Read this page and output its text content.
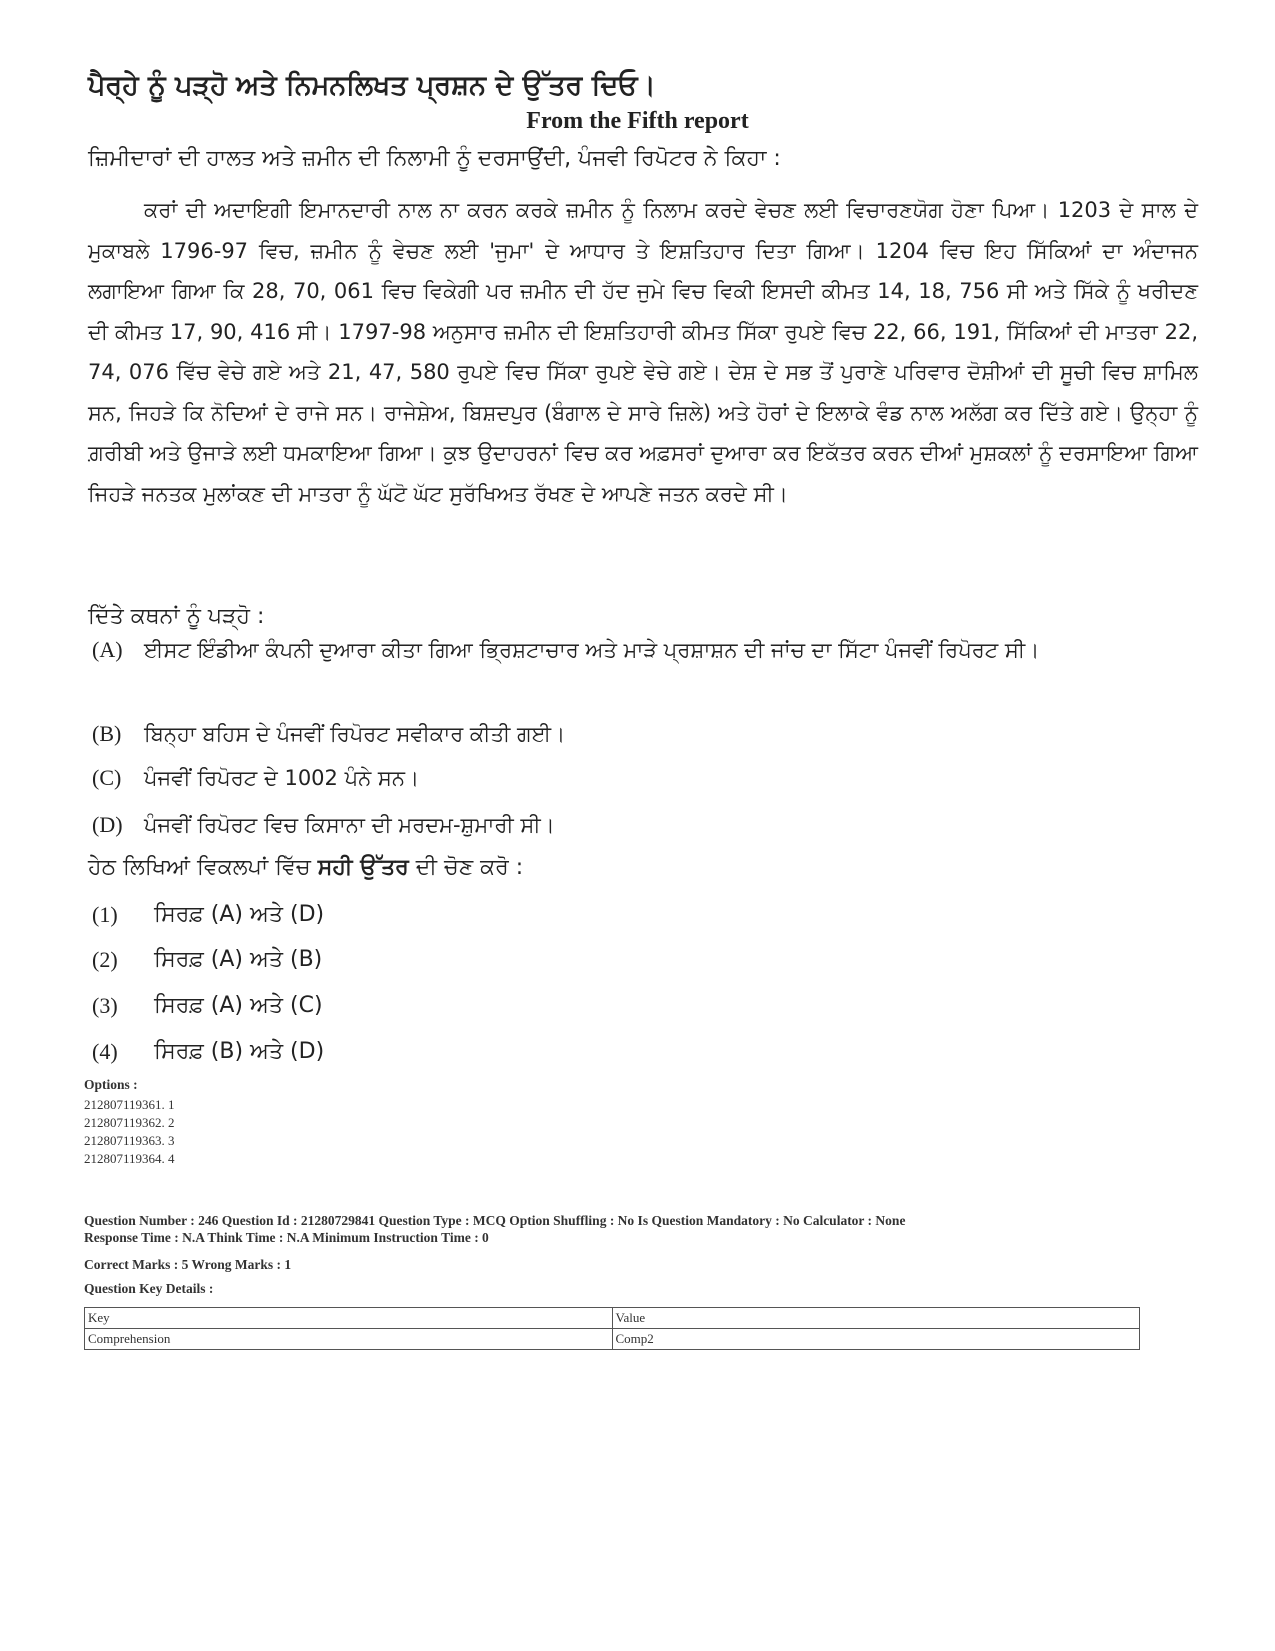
ਪੈਰ੍ਹੇ ਨੂੰ ਪੜ੍ਹੋ ਅਤੇ ਨਿਮਨਲਿਖਤ ਪ੍ਰਸ਼ਨ ਦੇ ਉੱਤਰ ਦਿਓ।
From the Fifth report
ਜ਼ਿਮੀਦਾਰਾਂ ਦੀ ਹਾਲਤ ਅਤੇ ਜ਼ਮੀਨ ਦੀ ਨਿਲਾਮੀ ਨੂੰ ਦਰਸਾਉਂਦੀ, ਪੰਜਵੀ ਰਿਪੋਟਰ ਨੇ ਕਿਹਾ :

ਕਰਾਂ ਦੀ ਅਦਾਇਗੀ ਇਮਾਨਦਾਰੀ ਨਾਲ ਨਾ ਕਰਨ ਕਰਕੇ ਜ਼ਮੀਨ ਨੂੰ ਨਿਲਾਮ ਕਰਦੇ ਵੇਚਣ ਲਈ ਵਿਚਾਰਣਯੋਗ ਹੋਣਾ ਪਿਆ। 1203 ਦੇ ਸਾਲ ਦੇ ਮੁਕਾਬਲੇ 1796-97 ਵਿਚ, ਜ਼ਮੀਨ ਨੂੰ ਵੇਚਣ ਲਈ 'ਜੁਮਾ' ਦੇ ਆਧਾਰ ਤੇ ਇਸ਼ਤਿਹਾਰ ਦਿਤਾ ਗਿਆ। 1204 ਵਿਚ ਇਹ ਸਿੱਕਿਆਂ ਦਾ ਅੰਦਾਜਨ ਲਗਾਇਆ ਗਿਆ ਕਿ 28, 70, 061 ਵਿਚ ਵਿਕੇਗੀ ਪਰ ਜ਼ਮੀਨ ਦੀ ਹੱਦ ਜੁਮੇ ਵਿਚ ਵਿਕੀ ਇਸਦੀ ਕੀਮਤ 14, 18, 756 ਸੀ ਅਤੇ ਸਿੱਕੇ ਨੂੰ ਖਰੀਦਣ ਦੀ ਕੀਮਤ 17, 90, 416 ਸੀ। 1797-98 ਅਨੁਸਾਰ ਜ਼ਮੀਨ ਦੀ ਇਸ਼ਤਿਹਾਰੀ ਕੀਮਤ ਸਿੱਕਾ ਰੁਪਏ ਵਿਚ 22, 66, 191, ਸਿੱਕਿਆਂ ਦੀ ਮਾਤਰਾ 22, 74, 076 ਵਿੱਚ ਵੇਚੇ ਗਏ ਅਤੇ 21, 47, 580 ਰੁਪਏ ਵਿਚ ਸਿੱਕਾ ਰੁਪਏ ਵੇਚੇ ਗਏ। ਦੇਸ਼ ਦੇ ਸਭ ਤੋਂ ਪੁਰਾਣੇ ਪਰਿਵਾਰ ਦੋਸ਼ੀਆਂ ਦੀ ਸੂਚੀ ਵਿਚ ਸ਼ਾਮਿਲ ਸਨ, ਜਿਹੜੇ ਕਿ ਨੋਦਿਆਂ ਦੇ ਰਾਜੇ ਸਨ। ਰਾਜੇਸ਼ੇਅ, ਬਿਸ਼ਦਪੁਰ (ਬੰਗਾਲ ਦੇ ਸਾਰੇ ਜ਼ਿਲੇ) ਅਤੇ ਹੋਰਾਂ ਦੇ ਇਲਾਕੇ ਵੰਡ ਨਾਲ ਅਲੱਗ ਕਰ ਦਿੱਤੇ ਗਏ। ਉਨ੍ਹਾ ਨੂੰ ਗ਼ਰੀਬੀ ਅਤੇ ਉਜਾੜੇ ਲਈ ਧਮਕਾਇਆ ਗਿਆ। ਕੁਝ ਉਦਾਹਰਨਾਂ ਵਿਚ ਕਰ ਅਫ਼ਸਰਾਂ ਦੁਆਰਾ ਕਰ ਇਕੱਤਰ ਕਰਨ ਦੀਆਂ ਮੁਸ਼ਕਲਾਂ ਨੂੰ ਦਰਸਾਇਆ ਗਿਆ ਜਿਹੜੇ ਜਨਤਕ ਮੁਲਾਂਕਣ ਦੀ ਮਾਤਰਾ ਨੂੰ ਘੱਟੋ ਘੱਟ ਸੁਰੱਖਿਅਤ ਰੱਖਣ ਦੇ ਆਪਣੇ ਜਤਨ ਕਰਦੇ ਸੀ।

ਦਿੱਤੇ ਕਥਨਾਂ ਨੂੰ ਪੜ੍ਹੋ :
(A)	ਈਸਟ ਇੰਡੀਆ ਕੰਪਨੀ ਦੁਆਰਾ ਕੀਤਾ ਗਿਆ ਭ੍ਰਿਸ਼ਟਾਚਾਰ ਅਤੇ ਮਾੜੇ ਪ੍ਰਸ਼ਾਸ਼ਨ ਦੀ ਜਾਂਚ ਦਾ ਸਿੱਟਾ ਪੰਜਵੀਂ ਰਿਪੋਰਟ ਸੀ।
(B)	ਬਿਨ੍ਹਾ ਬਹਿਸ ਦੇ ਪੰਜਵੀਂ ਰਿਪੋਰਟ ਸਵੀਕਾਰ ਕੀਤੀ ਗਈ।
(C)	ਪੰਜਵੀਂ ਰਿਪੋਰਟ ਦੇ 1002 ਪੰਨੇ ਸਨ।
(D)	ਪੰਜਵੀਂ ਰਿਪੋਰਟ ਵਿਚ ਕਿਸਾਨਾ ਦੀ ਮਰਦਮ-ਸ਼ੁਮਾਰੀ ਸੀ।
ਹੇਠ ਲਿਖਿਆਂ ਵਿਕਲਪਾਂ ਵਿੱਚ ਸਹੀ ਉੱਤਰ ਦੀ ਚੋਣ ਕਰੋ :
(1)	ਸਿਰਫ਼ (A) ਅਤੇ (D)
(2)	ਸਿਰਫ਼ (A) ਅਤੇ (B)
(3)	ਸਿਰਫ਼ (A) ਅਤੇ (C)
(4)	ਸਿਰਫ਼ (B) ਅਤੇ (D)
Options :
212807119361. 1
212807119362. 2
212807119363. 3
212807119364. 4
Question Number : 246 Question Id : 21280729841 Question Type : MCQ Option Shuffling : No Is Question Mandatory : No Calculator : None
Response Time : N.A Think Time : N.A Minimum Instruction Time : 0
Correct Marks : 5 Wrong Marks : 1
Question Key Details :
Key	Value
Comprehension	Comp2
